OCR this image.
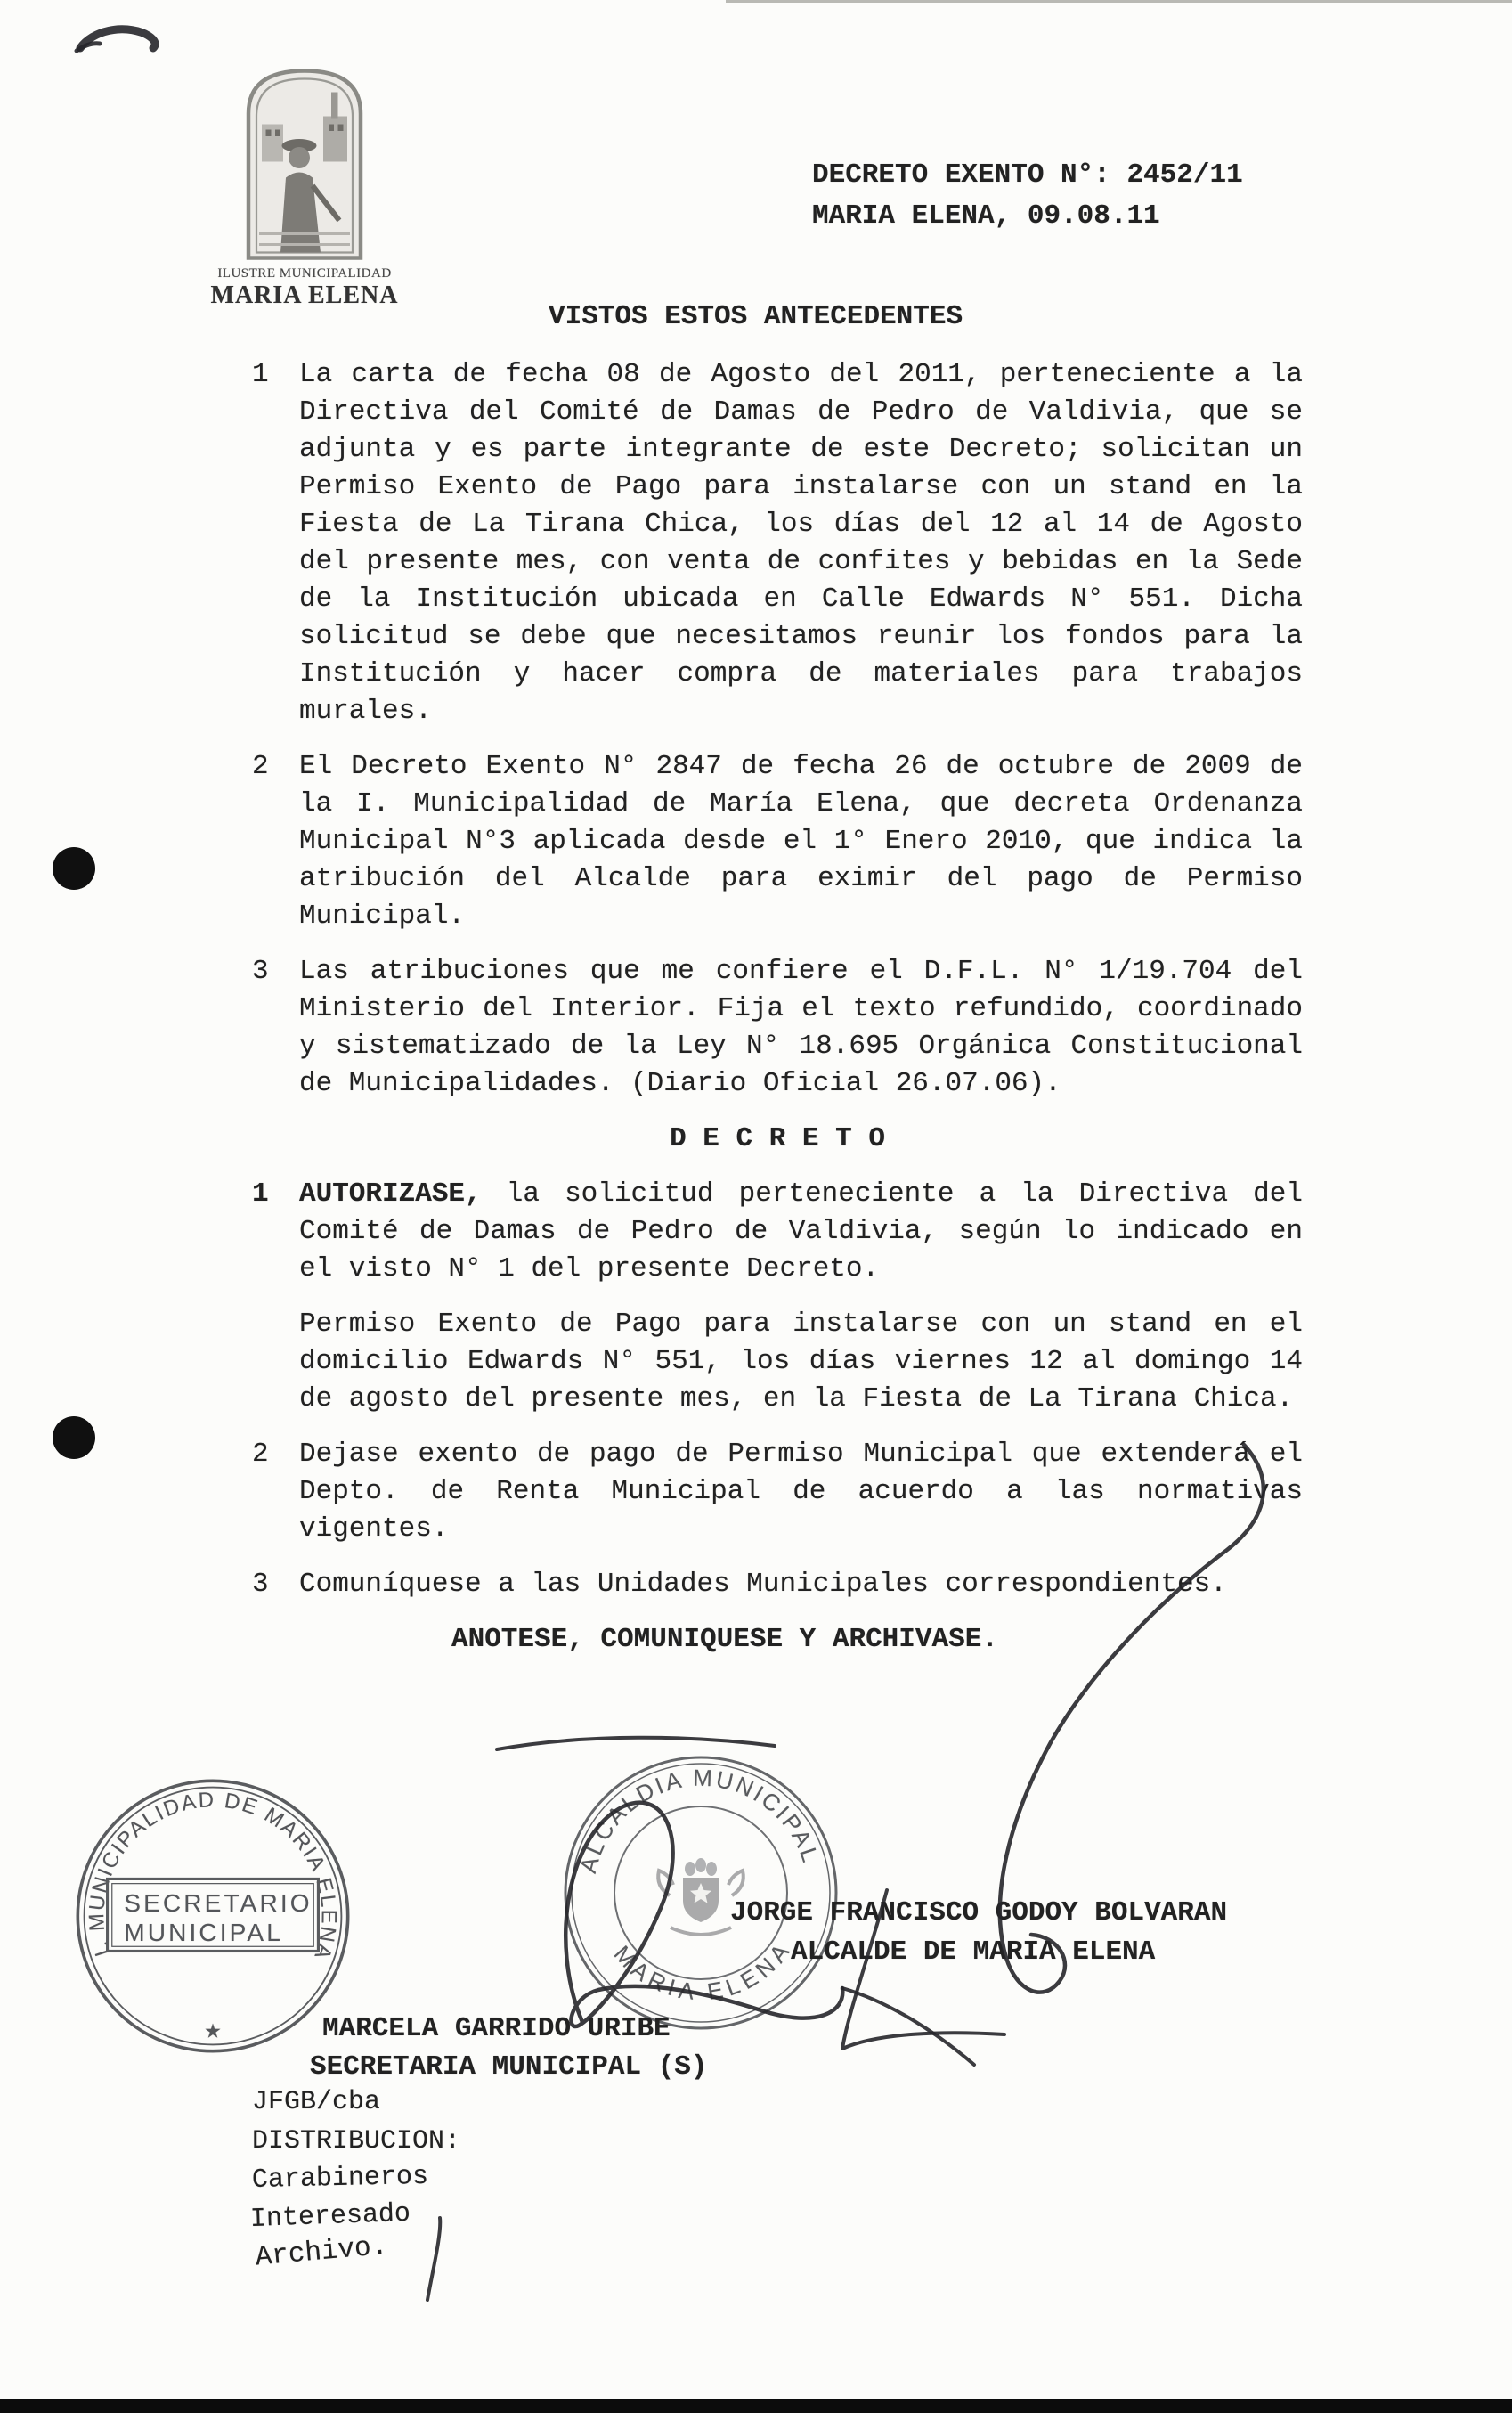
ILUSTRE MUNICIPALIDAD
MARIA ELENA
DECRETO EXENTO N°: 2452/11
MARIA ELENA, 09.08.11
VISTOS ESTOS ANTECEDENTES
1 La carta de fecha 08 de Agosto del 2011, perteneciente a la Directiva del Comité de Damas de Pedro de Valdivia, que se adjunta y es parte integrante de este Decreto; solicitan un Permiso Exento de Pago para instalarse con un stand en la Fiesta de La Tirana Chica, los días del 12 al 14 de Agosto del presente mes, con venta de confites y bebidas en la Sede de la Institución ubicada en Calle Edwards N° 551. Dicha solicitud se debe que necesitamos reunir los fondos para la Institución y hacer compra de materiales para trabajos murales.
2 El Decreto Exento N° 2847 de fecha 26 de octubre de 2009 de la I. Municipalidad de María Elena, que decreta Ordenanza Municipal N°3 aplicada desde el 1° Enero 2010, que indica la atribución del Alcalde para eximir del pago de Permiso Municipal.
3 Las atribuciones que me confiere el D.F.L. N° 1/19.704 del Ministerio del Interior. Fija el texto refundido, coordinado y sistematizado de la Ley N° 18.695 Orgánica Constitucional de Municipalidades. (Diario Oficial 26.07.06).
D E C R E T O
1 AUTORIZASE, la solicitud perteneciente a la Directiva del Comité de Damas de Pedro de Valdivia, según lo indicado en el visto N° 1 del presente Decreto.
Permiso Exento de Pago para instalarse con un stand en el domicilio Edwards N° 551, los días viernes 12 al domingo 14 de agosto del presente mes, en la Fiesta de La Tirana Chica.
2 Dejase exento de pago de Permiso Municipal que extenderá el Depto. de Renta Municipal de acuerdo a las normativas vigentes.
3 Comuníquese a las Unidades Municipales correspondientes.
ANOTESE, COMUNIQUESE Y ARCHIVASE.
I. MUNICIPALIDAD DE MARIA ELENA
SECRETARIO
MUNICIPAL
★
ALCALDIA MUNICIPAL
MARIA ELENA
JORGE FRANCISCO GODOY BOLVARAN
ALCALDE DE MARIA ELENA
MARCELA GARRIDO URIBE
SECRETARIA MUNICIPAL (S)
JFGB/cba
DISTRIBUCION:
Carabineros
Interesado
Archivo.
